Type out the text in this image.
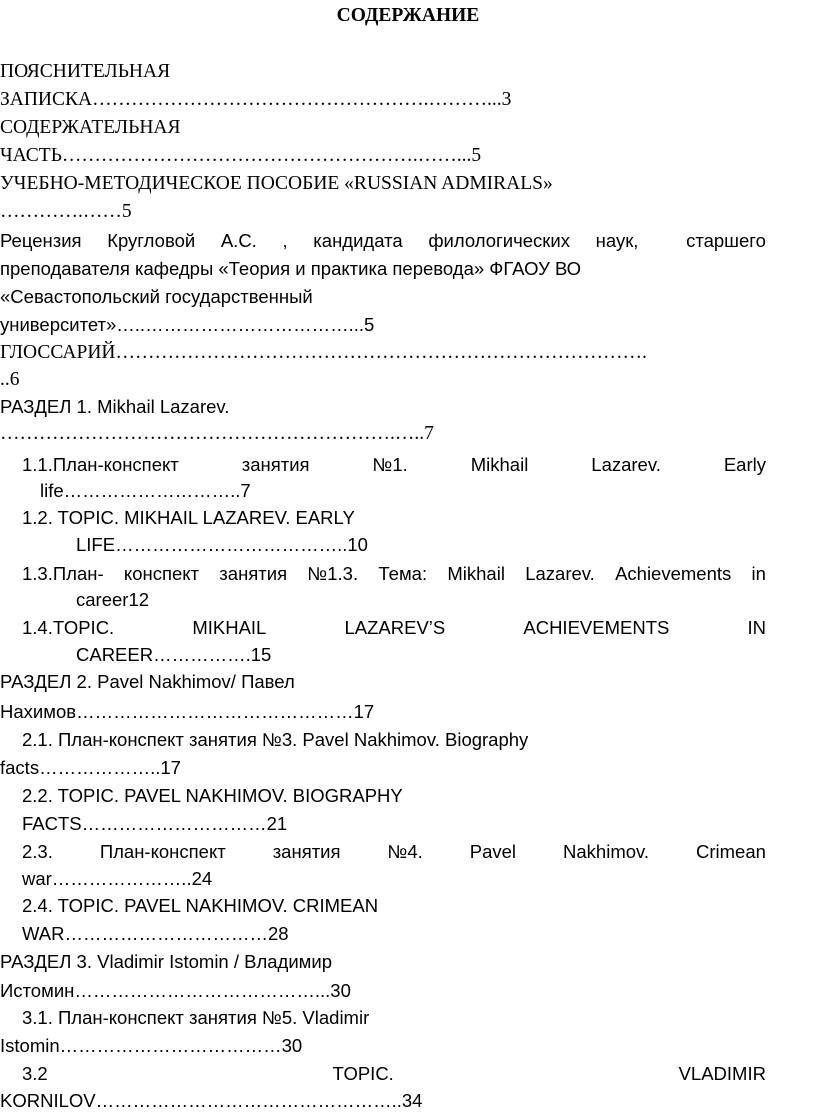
СОДЕРЖАНИЕ
ПОЯСНИТЕЛЬНАЯ
ЗАПИСКА…………………………………………….………...3
СОДЕРЖАТЕЛЬНАЯ
ЧАСТЬ……………………………………………….……...5
УЧЕБНО-МЕТОДИЧЕСКОЕ ПОСОБИЕ «RUSSIAN ADMIRALS»
………….……5
Рецензия Кругловой А.С. , кандидата филологических наук,	старшего
преподавателя кафедры «Теория и практика перевода» ФГАОУ ВО
«Севастопольский государственный
университет»…..……………………………...5
ГЛОССАРИЙ……………………………………………………………………….
..6
РАЗДЕЛ 1. Mikhail Lazarev.
…………………………………………………….…..7
1.1.План-конспект	занятия	№1.	Mikhail	Lazarev.	Early
life………………………..7
1.2. TOPIC. MIKHAIL LAZAREV. EARLY
LIFE………………………………..10
1.3.План- конспект занятия №1.3. Тема: Mikhail Lazarev. Achievements in
career12
1.4.TOPIC.	MIKHAIL	LAZAREV’S	ACHIEVEMENTS	IN
CAREER…………….15
РАЗДЕЛ 2. Pavel Nakhimov/ Павел
Нахимов………………………………………17
2.1. План-конспект занятия №3. Pavel Nakhimov. Biography
facts………………..17
2.2. TOPIC. PAVEL NAKHIMOV. BIOGRAPHY
FACTS…………………………21
2.3.	План-конспект	занятия	№4.	Pavel	Nakhimov.	Crimean
war…………………..24
2.4. TOPIC. PAVEL NAKHIMOV. CRIMEAN
WAR……………………………28
РАЗДЕЛ 3. Vladimir Istomin / Владимир
Истомин…………………………………...30
3.1. План-конспект занятия №5. Vladimir
Istomin………………………………30
3.2	TOPIC.	VLADIMIR
KORNILOV…………………………………………..34
